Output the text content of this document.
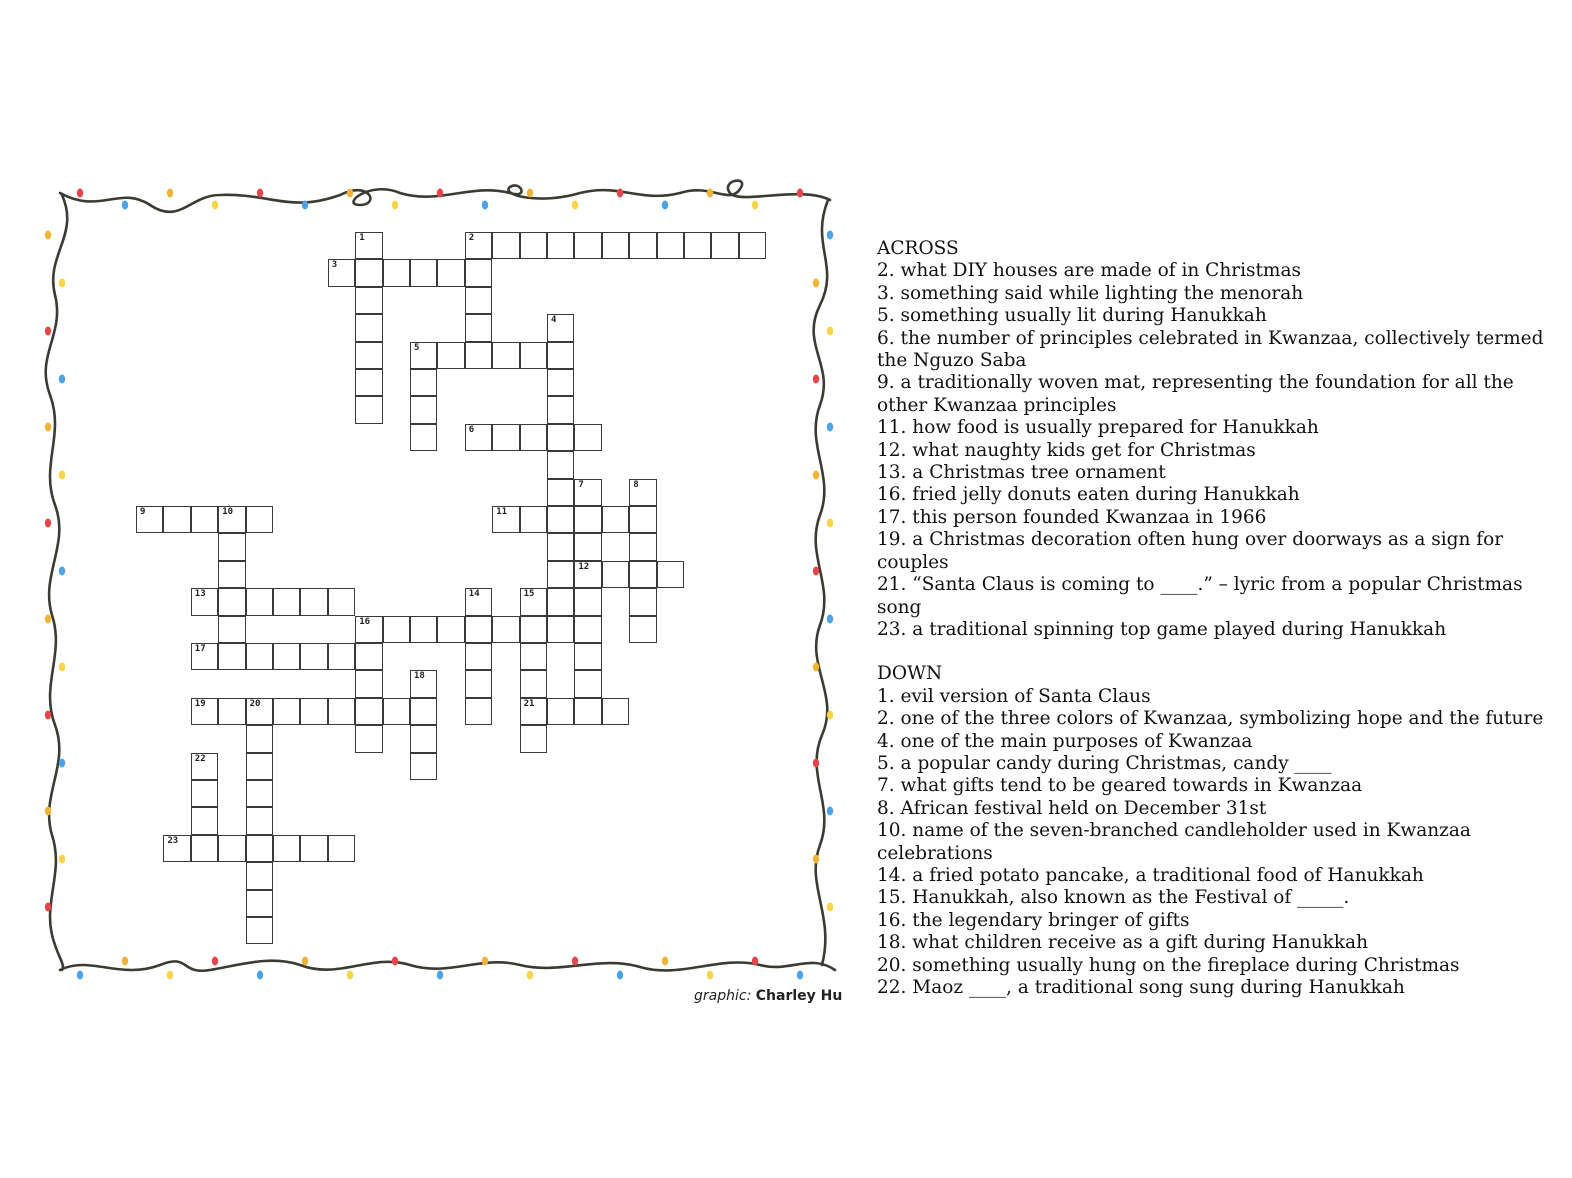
1	2
3
4
5
6
7
12
8
9	10	11
13	14	15
21
16
17
18
19	20
22
23
graphic: Charley Hu

ACROSS

2. what DIY houses are made of in Christmas

3. something said while lighting the menorah

5. something usually lit during Hanukkah

6. the number of principles celebrated in Kwanzaa, collectively termed the Nguzo Saba

9. a traditionally woven mat, representing the foundation for all the other Kwanzaa principles

11. how food is usually prepared for Hanukkah

12. what naughty kids get for Christmas

13. a Christmas tree ornament

16. fried jelly donuts eaten during Hanukkah

17. this person founded Kwanzaa in 1966

19. a Christmas decoration often hung over doorways as a sign for couples

21. “Santa Claus is coming to ____.” – lyric from a popular Christmas song

23. a traditional spinning top game played during Hanukkah

DOWN

1. evil version of Santa Claus

2. one of the three colors of Kwanzaa, symbolizing hope and the future

4. one of the main purposes of Kwanzaa

5. a popular candy during Christmas, candy ____

7. what gifts tend to be geared towards in Kwanzaa

8. African festival held on December 31st

10. name of the seven-branched candleholder used in Kwanzaa celebrations

14. a fried potato pancake, a traditional food of Hanukkah

15. Hanukkah, also known as the Festival of _____.

16. the legendary bringer of gifts

18. what children receive as a gift during Hanukkah

20. something usually hung on the fireplace during Christmas

22. Maoz ____, a traditional song sung during Hanukkah
